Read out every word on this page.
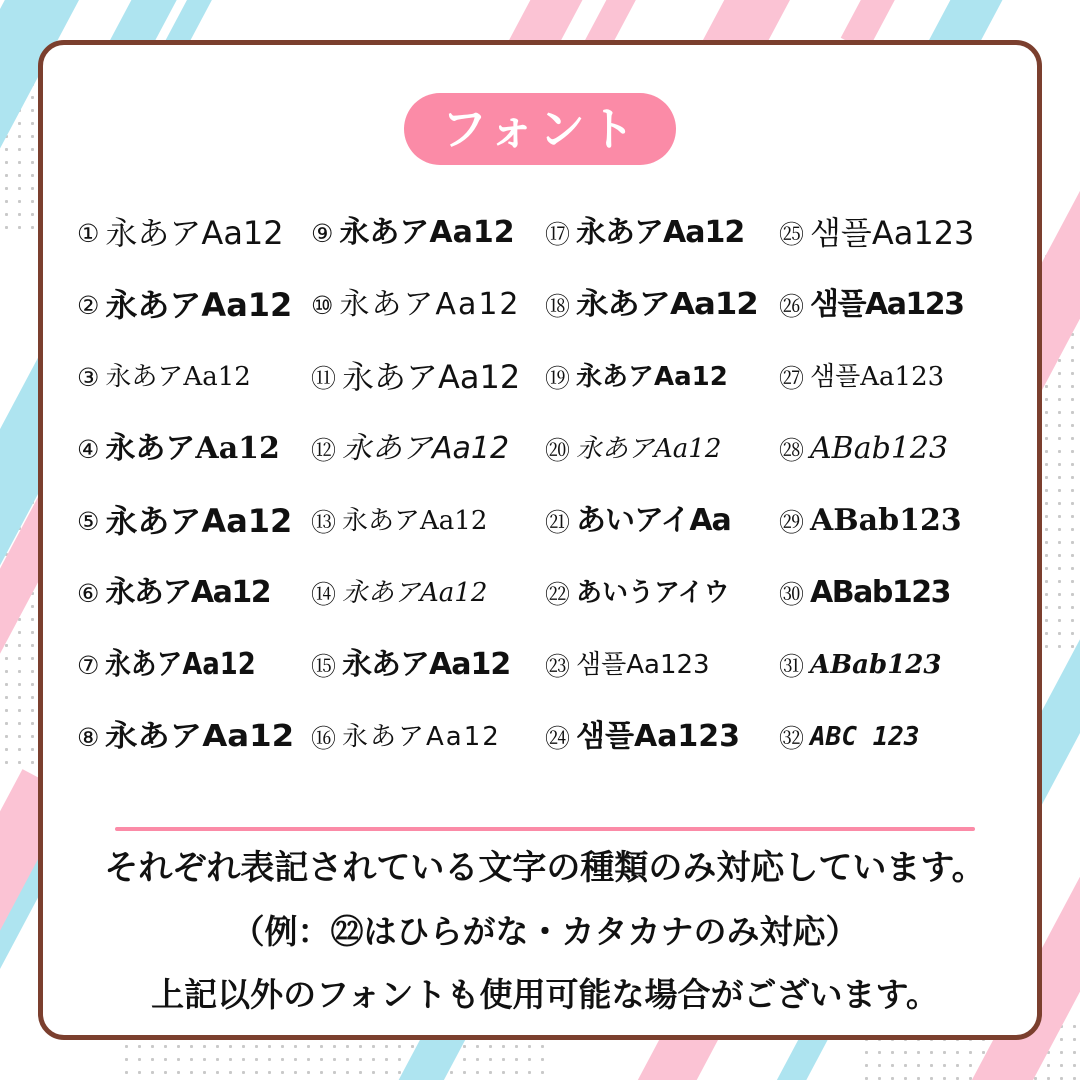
フォント
① 永あアAa12 ⑨ 永あアAa12 ⑰ 永あアAa12 ㉕ 샘플Aa123
② 永あアAa12 ⑩ 永あアAa12 ⑱ 永あアAa12 ㉖ 샘플Aa123
③ 永あアAa12 ⑪ 永あアAa12 ⑲ 永あアAa12 ㉗ 샘플Aa123
④ 永あアAa12 ⑫ 永あアAa12 ⑳ 永あアAa12 ㉘ ABab123
⑤ 永あアAa12 ⑬ 永あアAa12 ㉑ あいアイAa ㉙ ABab123
⑥ 永あアAa12 ⑭ 永あアAa12 ㉒ あいうアイウ ㉚ ABab123
⑦ 永あアAa12 ⑮ 永あアAa12 ㉓ 샘플Aa123	㉛ ABab123
⑧ 永あアAa12 ⑯ 永あアAa12 ㉔ 샘플Aa123 ㉜ ABC 123
それぞれ表記されている文字の種類のみ対応しています。
（例：㉒はひらがな・カタカナのみ対応）
上記以外のフォントも使用可能な場合がございます。
